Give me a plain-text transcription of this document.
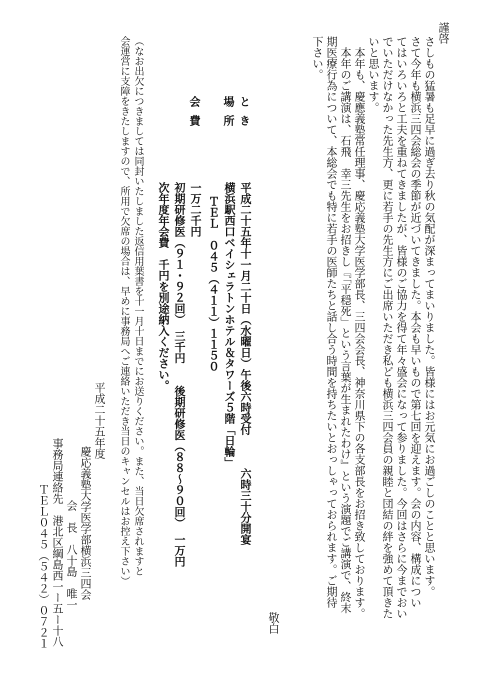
謹啓
さしもの猛暑も足早に過ぎ去り秋の気配が深まってまいりました。皆様にはお元気にお過ごしのことと思います。
さて今年も横浜三四会総会の季節が近づいてきました。本会も早いもので第七回を迎えます。会の内容、構成につい
てはいろいろと工夫を重ねてきましたが、皆様のご協力を得て年々盛会になって参りました。今回はさらに今までおい
でいただけなかった先生方、更に若手の先生方にご出席いただき私ども横浜三四会員の親睦と団結の絆を強めて頂きた
いと思います。
　本年も、慶應義塾常任理事、慶応義塾大学医学部長、三四会会長、神奈川県下の各支部長をお招き致しております。
　本年のご講演は、石飛　幸三先生をお招きし『「平穏死」という言葉が生まれたわけ』という演題でご講演で、終末
期医療行為について、本総会でも特に若手の医師たちと話し合う時間を持ちたいとおっしゃっておられます。ご期待
下さい。
敬白
とき
平成二十五年十一月二十日（水曜日）午後六時受付　　　六時三十分開宴
場所
横浜駅西口ベイシェラトンホテル＆タワーズ５階「日輪」
ＴＥＬ　０４５（４１１）１１５０
会費
一万二千円
初期研修医（９１・９２回）　三千円　　後期研修医（８８〜９０回）　一万円
次年度年会費　千円を別途納入ください。
（なお出欠につきましては同封いたしました返信用葉書を十一月十日までにお送りください。また、当日欠席されますと
会運営に支障をきたしますので、所用で欠席の場合は、早めに事務局へご連絡いただき当日のキャンセルはお控え下さい）
平成二十五年度
慶応義塾大学医学部横浜三四会
会　長　八十島　唯一
事務局連絡先　港北区綱島西一ー五ー十八
ＴＥＬ０４５（５４２）０７２１
